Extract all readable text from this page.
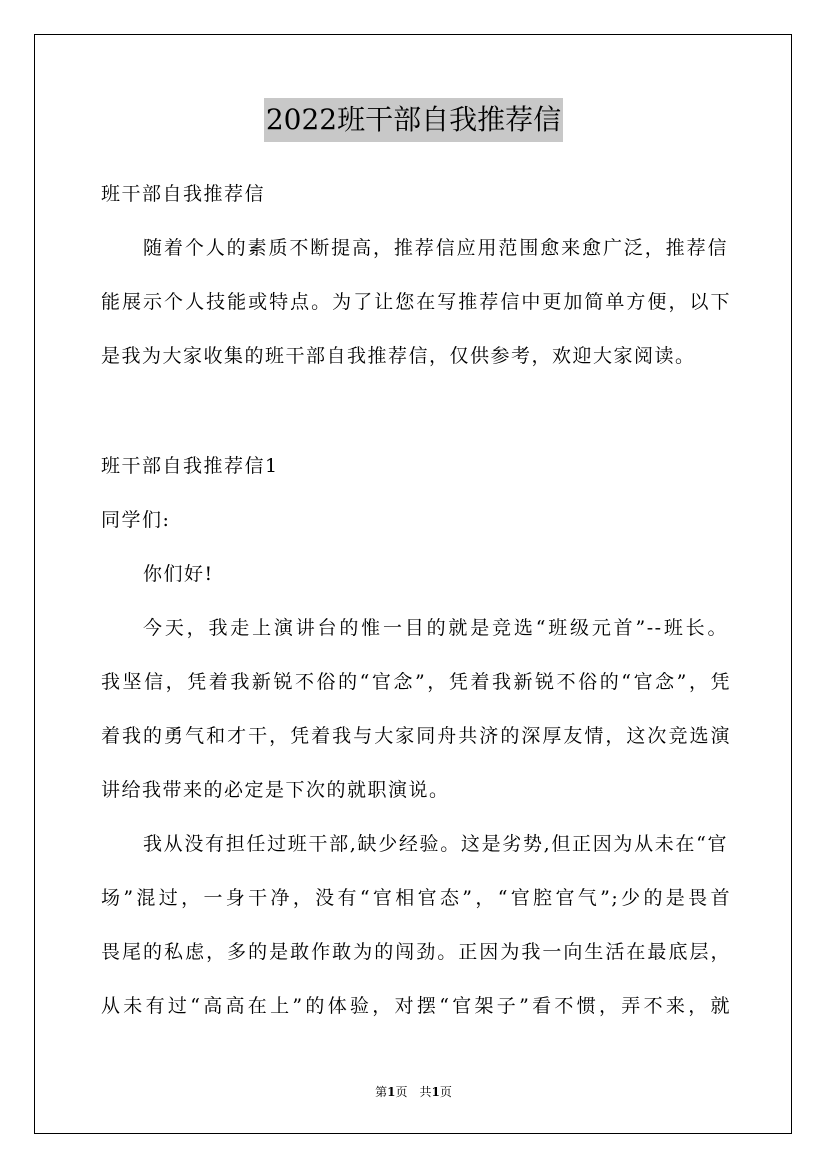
2022班干部自我推荐信
班干部自我推荐信
随着个人的素质不断提高，推荐信应用范围愈来愈广泛，推荐信
能展示个人技能或特点。为了让您在写推荐信中更加简单方便，以下
是我为大家收集的班干部自我推荐信，仅供参考，欢迎大家阅读。
班干部自我推荐信1
同学们:
你们好!
今天，我走上演讲台的惟一目的就是竞选“班级元首”--班长。
我坚信，凭着我新锐不俗的“官念”，凭着我新锐不俗的“官念”，凭
着我的勇气和才干，凭着我与大家同舟共济的深厚友情，这次竞选演
讲给我带来的必定是下次的就职演说。
我从没有担任过班干部,缺少经验。这是劣势,但正因为从未在“官
场”混过，一身干净，没有“官相官态”，“官腔官气”;少的是畏首
畏尾的私虑，多的是敢作敢为的闯劲。正因为我一向生活在最底层，
从未有过“高高在上”的体验，对摆“官架子”看不惯，弄不来，就
第1页　共1页
